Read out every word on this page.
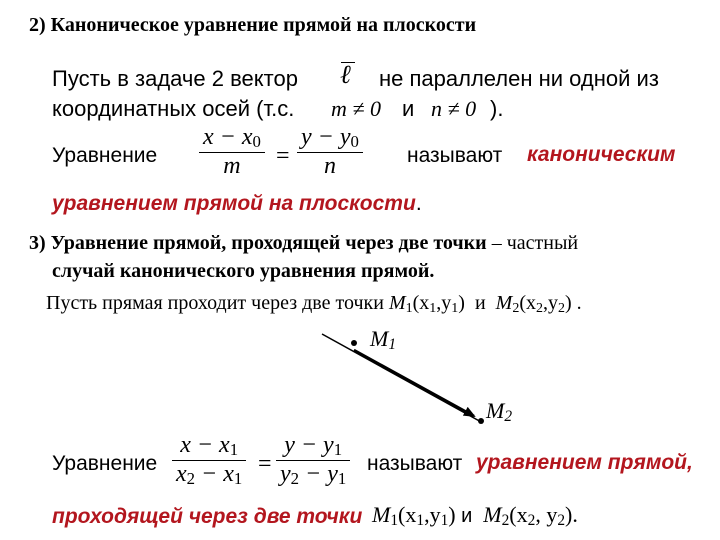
2) Каноническое уравнение прямой на плоскости
Пусть в задаче 2 вектор ℓ не параллелен ни одной из
координатных осей (т.с. m ≠ 0 и n ≠ 0 ).
Уравнение
$x - x_0$
m	=
$y - y_0$
n	называют каноническим
уравнением прямой на плоскости.
3) Уравнение прямой, проходящей через две точки – частный
случай канонического уравнения прямой.
Пусть прямая проходит через две точки $M_1(x_1,y_1)$ и $M_2(x_2,y_2)$ .
$M_1$
$M_2$
Уравнение
$x - x_1$
$x_2 - x_1$
=
$y - y_1$
$y_2 - y_1$
называют уравнением прямой,
проходящей через две точки $M_1(x_1,y_1)$ и $M_2(x_2$, $y_2$).
